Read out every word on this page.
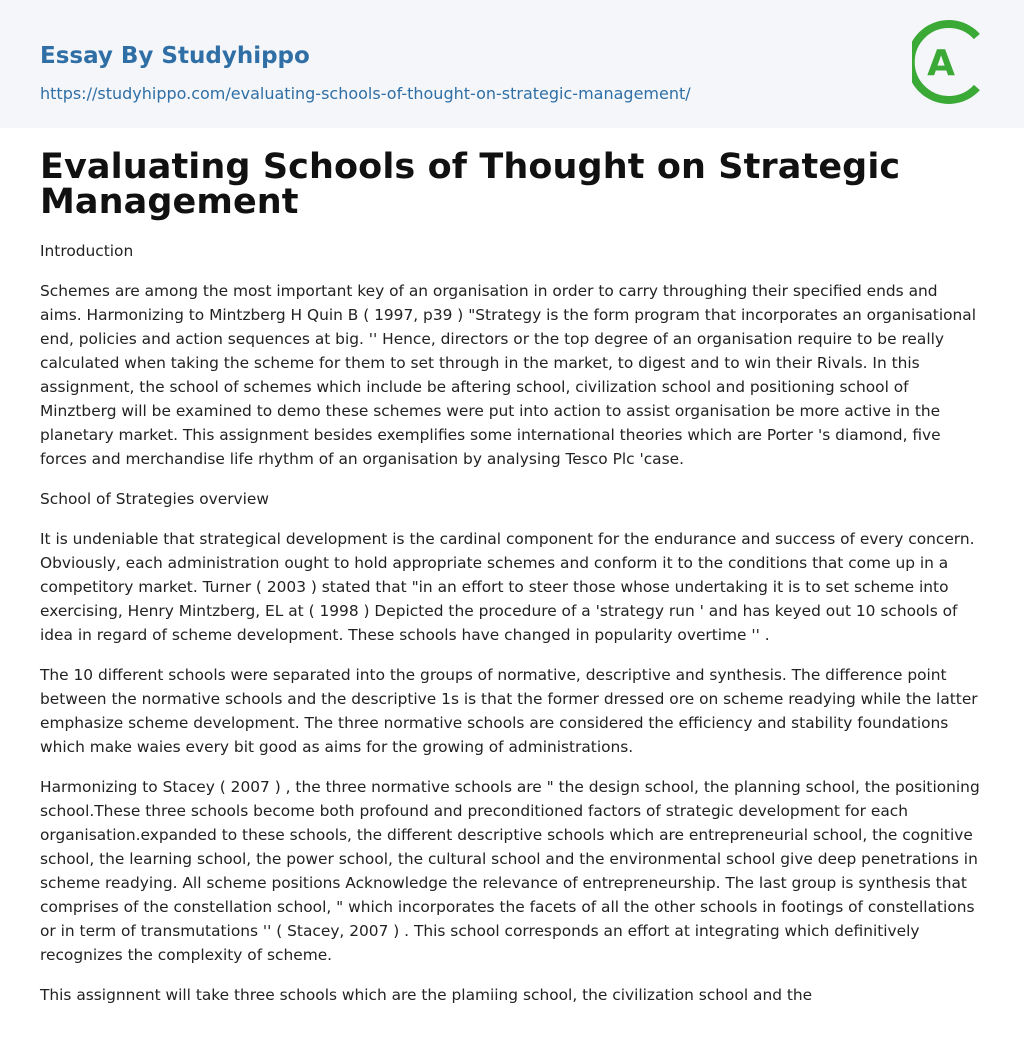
Essay By Studyhippo
https://studyhippo.com/evaluating-schools-of-thought-on-strategic-management/
A
Evaluating Schools of Thought on Strategic Management

Introduction

Schemes are among the most important key of an organisation in order to carry throughing their specified ends and aims. Harmonizing to Mintzberg H Quin B ( 1997, p39 ) "Strategy is the form program that incorporates an organisational end, policies and action sequences at big. '' Hence, directors or the top degree of an organisation require to be really calculated when taking the scheme for them to set through in the market, to digest and to win their Rivals. In this assignment, the school of schemes which include be aftering school, civilization school and positioning school of Minztberg will be examined to demo these schemes were put into action to assist organisation be more active in the planetary market. This assignment besides exemplifies some international theories which are Porter 's diamond, five forces and merchandise life rhythm of an organisation by analysing Tesco Plc 'case.

School of Strategies overview

It is undeniable that strategical development is the cardinal component for the endurance and success of every concern. Obviously, each administration ought to hold appropriate schemes and conform it to the conditions that come up in a competitory market. Turner ( 2003 ) stated that "in an effort to steer those whose undertaking it is to set scheme into exercising, Henry Mintzberg, EL at ( 1998 ) Depicted the procedure of a 'strategy run ' and has keyed out 10 schools of idea in regard of scheme development. These schools have changed in popularity overtime '' .

The 10 different schools were separated into the groups of normative, descriptive and synthesis. The difference point between the normative schools and the descriptive 1s is that the former dressed ore on scheme readying while the latter emphasize scheme development. The three normative schools are considered the efficiency and stability foundations which make waies every bit good as aims for the growing of administrations.

Harmonizing to Stacey ( 2007 ) , the three normative schools are " the design school, the planning school, the positioning school.These three schools become both profound and preconditioned factors of strategic development for each organisation.expanded to these schools, the different descriptive schools which are entrepreneurial school, the cognitive school, the learning school, the power school, the cultural school and the environmental school give deep penetrations in scheme readying. All scheme positions Acknowledge the relevance of entrepreneurship. The last group is synthesis that comprises of the constellation school, " which incorporates the facets of all the other schools in footings of constellations or in term of transmutations '' ( Stacey, 2007 ) . This school corresponds an effort at integrating which definitively recognizes the complexity of scheme.

This assignnent will take three schools which are the plamiing school, the civilization school and the
